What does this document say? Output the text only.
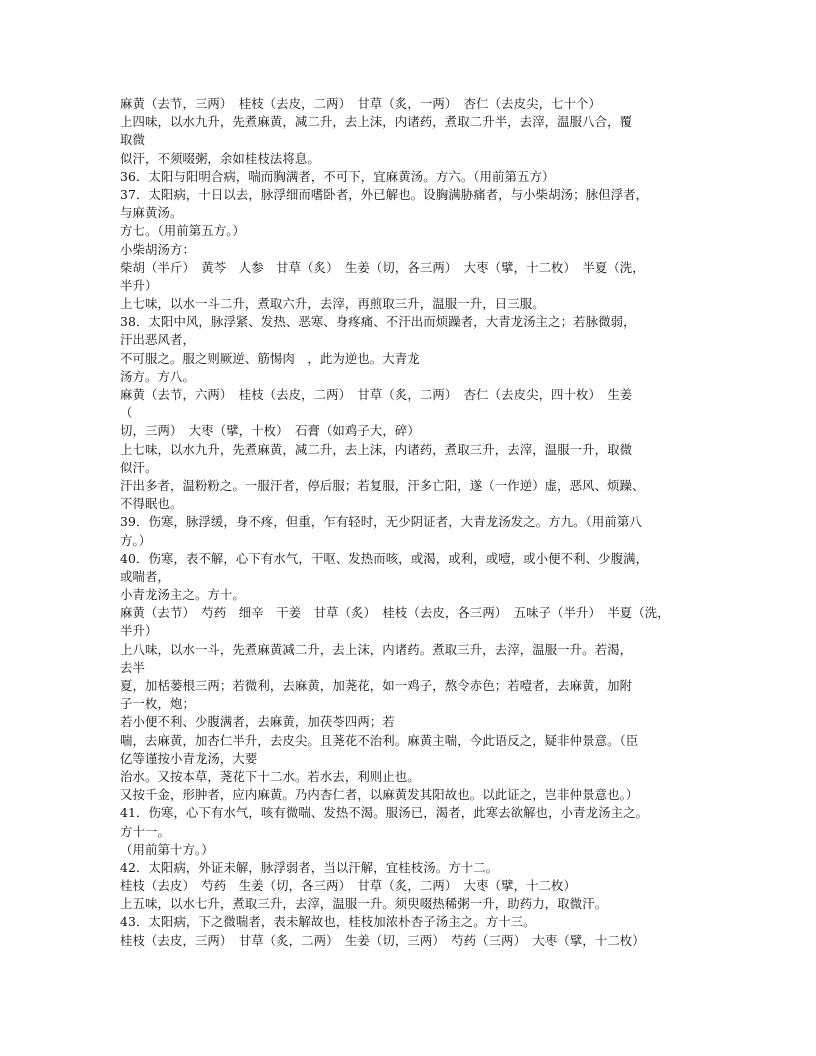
麻黄（去节，三两）　桂枝（去皮，二两）　甘草（炙，一两）　杏仁（去皮尖，七十个）
上四味，以水九升，先煮麻黄，减二升，去上沫，内诸药，煮取二升半，去滓，温服八合，覆
取微
似汗，不须啜粥，余如桂枝法将息。
36．太阳与阳明合病，喘而胸满者，不可下，宜麻黄汤。方六。（用前第五方）
37．太阳病，十日以去，脉浮细而嗜卧者，外已解也。设胸满胁痛者，与小柴胡汤；脉但浮者，
与麻黄汤。
方七。（用前第五方。）
小柴胡汤方：
柴胡（半斤）　黄芩　人参　甘草（炙）　生姜（切，各三两）　大枣（擘，十二枚）　半夏（洗，
半升）
上七味，以水一斗二升，煮取六升，去滓，再煎取三升，温服一升，日三服。
38．太阳中风，脉浮紧、发热、恶寒、身疼痛、不汗出而烦躁者，大青龙汤主之；若脉微弱，
汗出恶风者，
不可服之。服之则厥逆、筋惕肉　，此为逆也。大青龙
汤方。方八。
麻黄（去节，六两）　桂枝（去皮，二两）　甘草（炙，二两）　杏仁（去皮尖，四十枚）　生姜
（
切，三两）　大枣（擘，十枚）　石膏（如鸡子大，碎）
上七味，以水九升，先煮麻黄，减二升，去上沫，内诸药，煮取三升，去滓，温服一升，取微
似汗。
汗出多者，温粉粉之。一服汗者，停后服；若复服，汗多亡阳，遂（一作逆）虚，恶风、烦躁、
不得眠也。
39．伤寒，脉浮缓，身不疼，但重，乍有轻时，无少阴证者，大青龙汤发之。方九。（用前第八
方。）
40．伤寒，表不解，心下有水气，干呕、发热而咳，或渴，或利，或噎，或小便不利、少腹满，
或喘者，
小青龙汤主之。方十。
麻黄（去节）　芍药　细辛　干姜　甘草（炙）　桂枝（去皮，各三两）　五味子（半升）　半夏（洗，
半升）
上八味，以水一斗，先煮麻黄减二升，去上沫，内诸药。煮取三升，去滓，温服一升。若渴，
去半
夏，加栝蒌根三两；若微利，去麻黄，加荛花，如一鸡子，熬令赤色；若噎者，去麻黄，加附
子一枚，炮；
若小便不利、少腹满者，去麻黄，加茯苓四两；若
喘，去麻黄，加杏仁半升，去皮尖。且荛花不治利。麻黄主喘，今此语反之，疑非仲景意。（臣
亿等谨按小青龙汤，大要
治水。又按本草，荛花下十二水。若水去，利则止也。
又按千金，形肿者，应内麻黄。乃内杏仁者，以麻黄发其阳故也。以此证之，岂非仲景意也。）
41．伤寒，心下有水气，咳有微喘、发热不渴。服汤已，渴者，此寒去欲解也，小青龙汤主之。
方十一。
（用前第十方。）
42．太阳病，外证未解，脉浮弱者，当以汗解，宜桂枝汤。方十二。
桂枝（去皮）　芍药　生姜（切，各三两）　甘草（炙，二两）　大枣（擘，十二枚）
上五味，以水七升，煮取三升，去滓，温服一升。须臾啜热稀粥一升，助药力，取微汗。
43．太阳病，下之微喘者，表未解故也，桂枝加浓朴杏子汤主之。方十三。
桂枝（去皮，三两）　甘草（炙，二两）　生姜（切，三两）　芍药（三两）　大枣（擘，十二枚）
